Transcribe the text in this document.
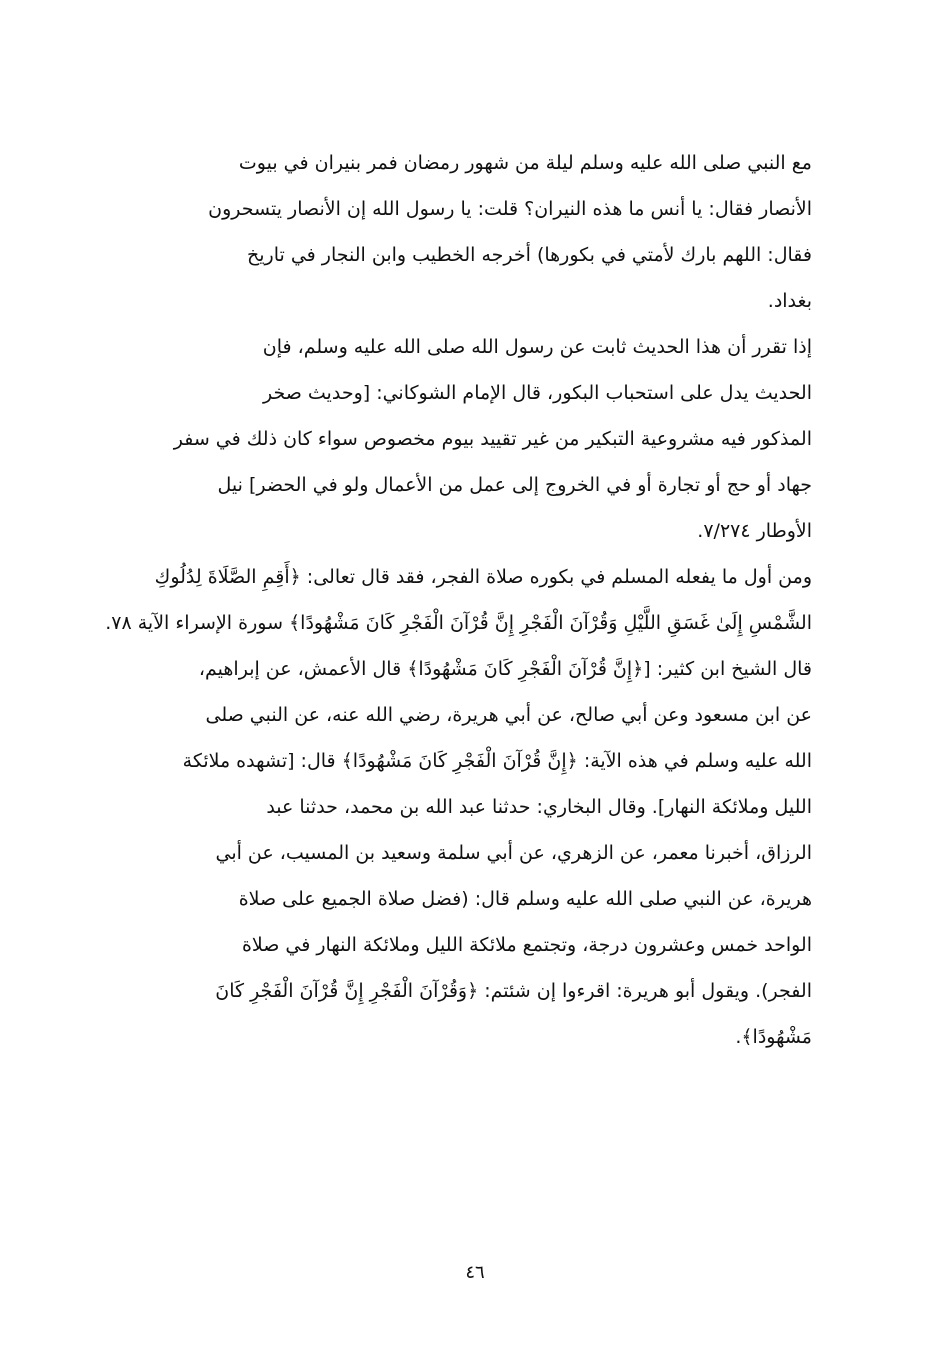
مع النبي صلى الله عليه وسلم ليلة من شهور رمضان فمر بنيران في بيوت
الأنصار فقال: يا أنس ما هذه النيران؟ قلت: يا رسول الله إن الأنصار يتسحرون
فقال: اللهم بارك لأمتي في بكورها) أخرجه الخطيب وابن النجار في تاريخ
بغداد.
إذا تقرر أن هذا الحديث ثابت عن رسول الله صلى الله عليه وسلم، فإن
الحديث يدل على استحباب البكور، قال الإمام الشوكاني: [وحديث صخر
المذكور فيه مشروعية التبكير من غير تقييد بيوم مخصوص سواء كان ذلك في سفر
جهاد أو حج أو تجارة أو في الخروج إلى عمل من الأعمال ولو في الحضر] نيل
الأوطار ٧/٢٧٤.
ومن أول ما يفعله المسلم في بكوره صلاة الفجر، فقد قال تعالى: ﴿أَقِمِ الصَّلَاةَ لِدُلُوكِ
الشَّمْسِ إِلَىٰ غَسَقِ اللَّيْلِ وَقُرْآنَ الْفَجْرِ إِنَّ قُرْآنَ الْفَجْرِ كَانَ مَشْهُودًا﴾ سورة الإسراء الآية ٧٨.
قال الشيخ ابن كثير: [﴿إِنَّ قُرْآنَ الْفَجْرِ كَانَ مَشْهُودًا﴾ قال الأعمش، عن إبراهيم،
عن ابن مسعود وعن أبي صالح، عن أبي هريرة، رضي الله عنه، عن النبي صلى
الله عليه وسلم في هذه الآية: ﴿إِنَّ قُرْآنَ الْفَجْرِ كَانَ مَشْهُودًا﴾ قال: [تشهده ملائكة
الليل وملائكة النهار]. وقال البخاري: حدثنا عبد الله بن محمد، حدثنا عبد
الرزاق، أخبرنا معمر، عن الزهري، عن أبي سلمة وسعيد بن المسيب، عن أبي
هريرة، عن النبي صلى الله عليه وسلم قال: (فضل صلاة الجميع على صلاة
الواحد خمس وعشرون درجة، وتجتمع ملائكة الليل وملائكة النهار في صلاة
الفجر). ويقول أبو هريرة: اقرءوا إن شئتم: ﴿وَقُرْآنَ الْفَجْرِ إِنَّ قُرْآنَ الْفَجْرِ كَانَ
مَشْهُودًا﴾.
٤٦
